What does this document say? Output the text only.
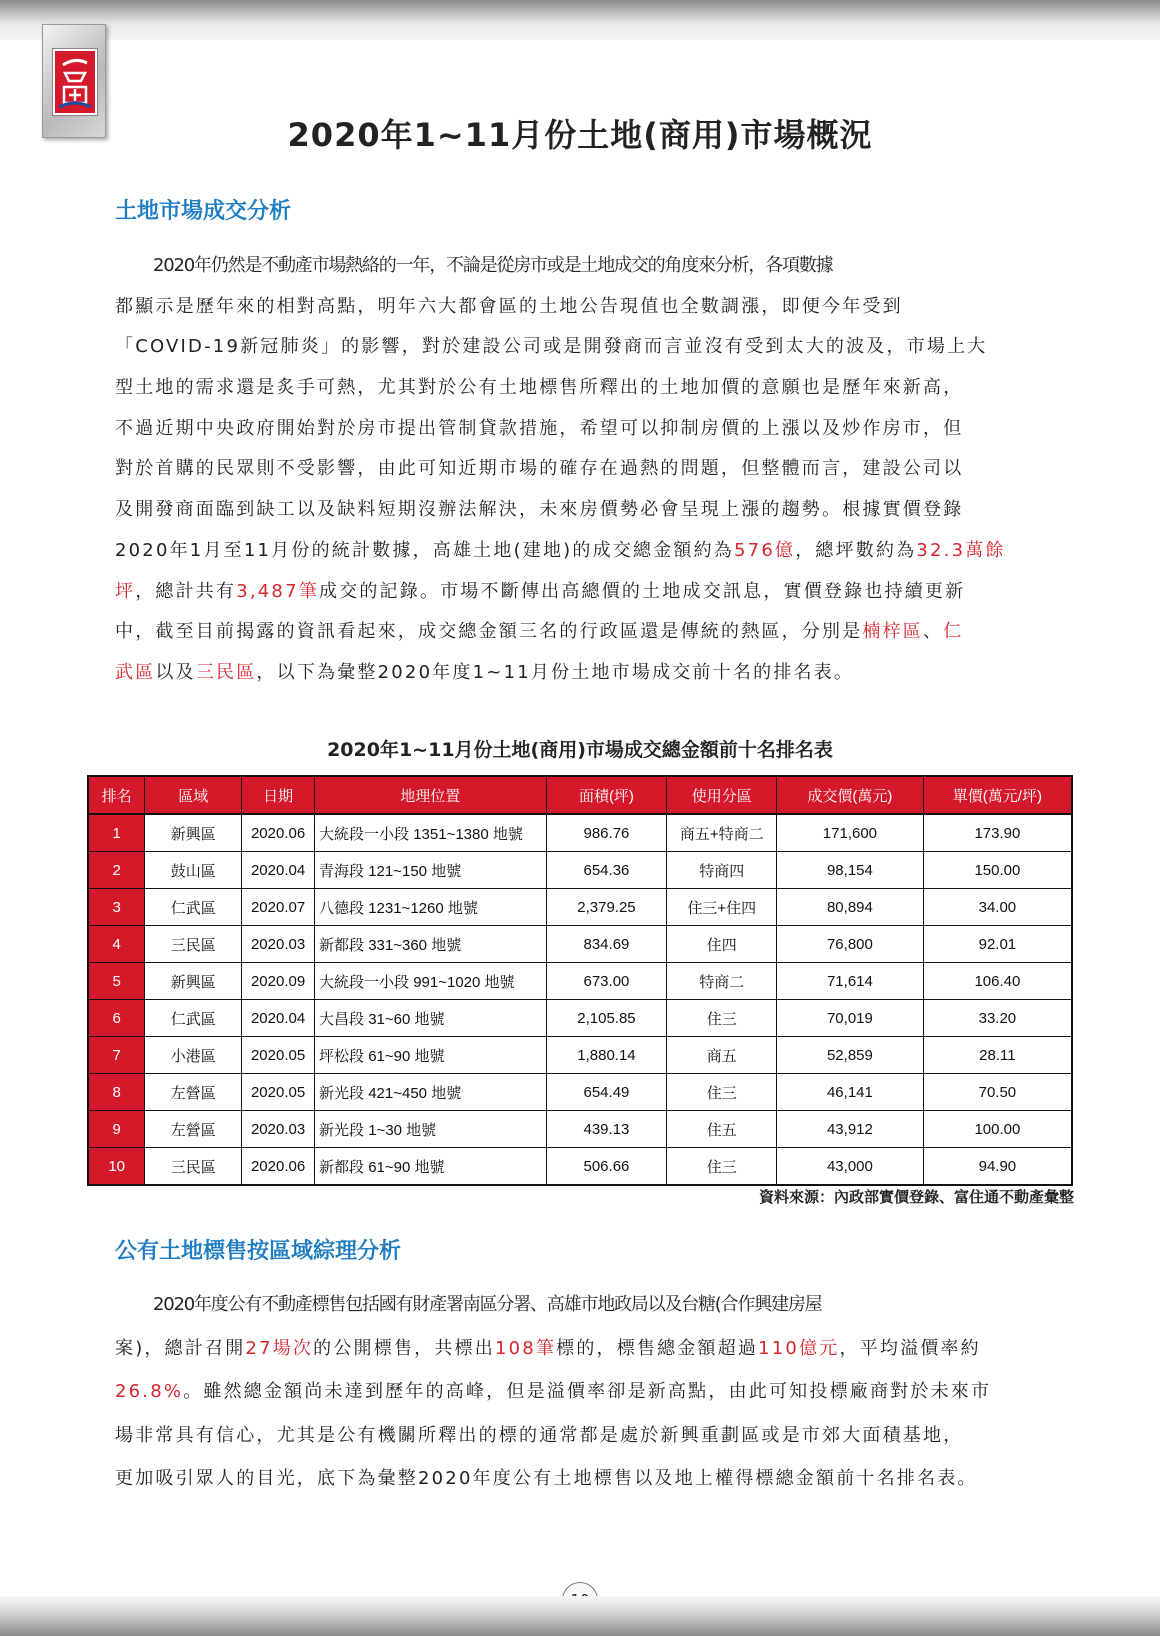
2020年1~11月份土地(商用)市場概況
土地市場成交分析
2020年仍然是不動產市場熱絡的一年，不論是從房市或是土地成交的角度來分析，各項數據
都顯示是歷年來的相對高點，明年六大都會區的土地公告現值也全數調漲，即便今年受到
「COVID-19新冠肺炎」的影響，對於建設公司或是開發商而言並沒有受到太大的波及，市場上大
型土地的需求還是炙手可熱，尤其對於公有土地標售所釋出的土地加價的意願也是歷年來新高，
不過近期中央政府開始對於房市提出管制貸款措施，希望可以抑制房價的上漲以及炒作房市，但
對於首購的民眾則不受影響，由此可知近期市場的確存在過熱的問題，但整體而言，建設公司以
及開發商面臨到缺工以及缺料短期沒辦法解決，未來房價勢必會呈現上漲的趨勢。根據實價登錄
2020年1月至11月份的統計數據，高雄土地(建地)的成交總金額約為576億，總坪數約為32.3萬餘
坪，總計共有3,487筆成交的記錄。市場不斷傳出高總價的土地成交訊息，實價登錄也持續更新
中，截至目前揭露的資訊看起來，成交總金額三名的行政區還是傳統的熱區，分別是楠梓區、仁
武區以及三民區，以下為彙整2020年度1~11月份土地市場成交前十名的排名表。
2020年1~11月份土地(商用)市場成交總金額前十名排名表
排名	區域	日期	地理位置	面積(坪)	使用分區	成交價(萬元)	單價(萬元/坪)
1	新興區	2020.06	大統段一小段 1351~1380 地號	986.76	商五+特商二	171,600	173.90
2	鼓山區	2020.04	青海段 121~150 地號	654.36	特商四	98,154	150.00
3	仁武區	2020.07	八德段 1231~1260 地號	2,379.25	住三+住四	80,894	34.00
4	三民區	2020.03	新都段 331~360 地號	834.69	住四	76,800	92.01
5	新興區	2020.09	大統段一小段 991~1020 地號	673.00	特商二	71,614	106.40
6	仁武區	2020.04	大昌段 31~60 地號	2,105.85	住三	70,019	33.20
7	小港區	2020.05	坪松段 61~90 地號	1,880.14	商五	52,859	28.11
8	左營區	2020.05	新光段 421~450 地號	654.49	住三	46,141	70.50
9	左營區	2020.03	新光段 1~30 地號	439.13	住五	43,912	100.00
10	三民區	2020.06	新都段 61~90 地號	506.66	住三	43,000	94.90
資料來源：內政部實價登錄、富住通不動產彙整
公有土地標售按區域綜理分析
2020年度公有不動產標售包括國有財產署南區分署、高雄市地政局以及台糖(合作興建房屋
案)，總計召開27場次的公開標售，共標出108筆標的，標售總金額超過110億元，平均溢價率約
26.8%。雖然總金額尚未達到歷年的高峰，但是溢價率卻是新高點，由此可知投標廠商對於未來市
場非常具有信心，尤其是公有機關所釋出的標的通常都是處於新興重劃區或是市郊大面積基地，
更加吸引眾人的目光，底下為彙整2020年度公有土地標售以及地上權得標總金額前十名排名表。
